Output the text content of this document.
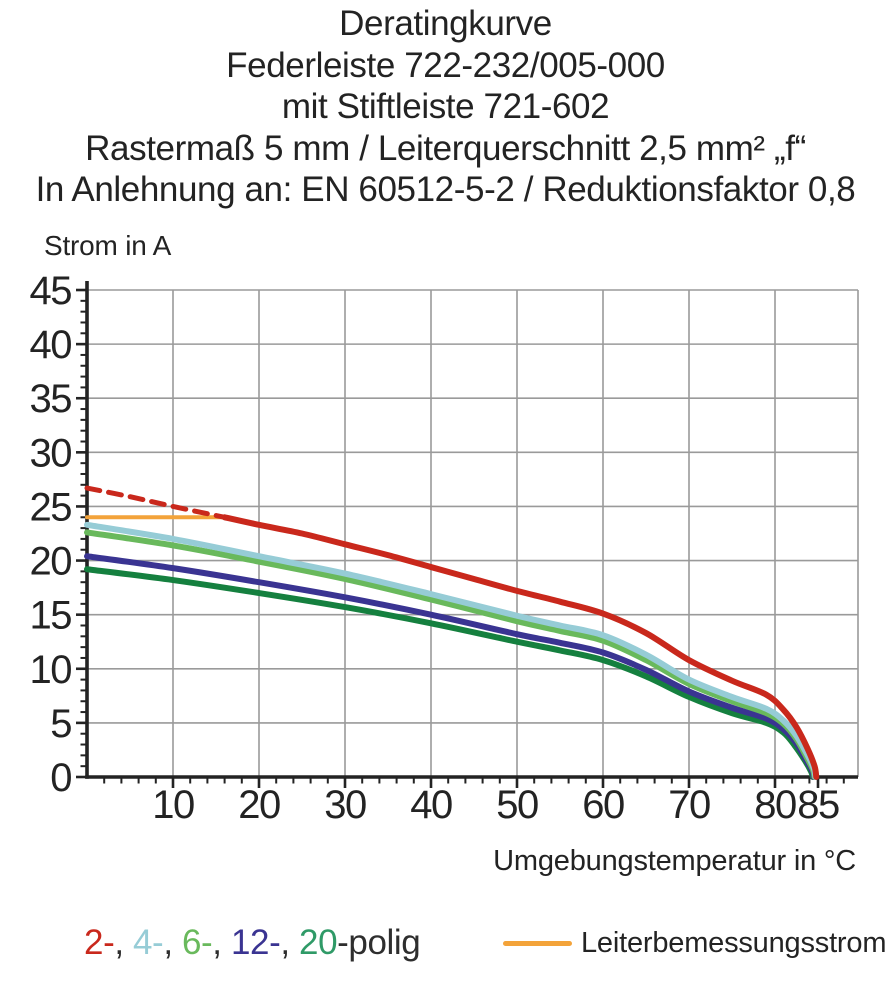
Deratingkurve
Federleiste 722-232/005-000
mit Stiftleiste 721-602
Rastermaß 5 mm / Leiterquerschnitt 2,5 mm² „f“
In Anlehnung an: EN 60512-5-2 / Reduktionsfaktor 0,8
Strom in A
0
5
10
15
20
25
30
35
40
45
10 20 30 40 50 60 70 80 85
Umgebungstemperatur in °C
2-, 4-, 6-, 12-, 20-polig	Leiterbemessungsstrom
